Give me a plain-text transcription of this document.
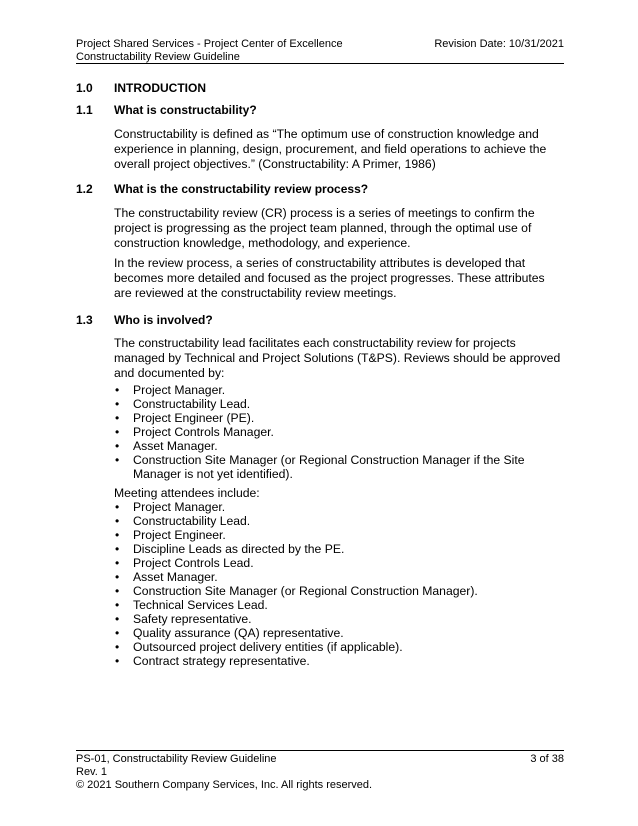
Project Shared Services - Project Center of Excellence	Revision Date: 10/31/2021
Constructability Review Guideline
1.0 INTRODUCTION
1.1 What is constructability?
Constructability is defined as “The optimum use of construction knowledge and experience in planning, design, procurement, and field operations to achieve the overall project objectives.” (Constructability: A Primer, 1986)
1.2 What is the constructability review process?
The constructability review (CR) process is a series of meetings to confirm the project is progressing as the project team planned, through the optimal use of construction knowledge, methodology, and experience.
In the review process, a series of constructability attributes is developed that becomes more detailed and focused as the project progresses. These attributes are reviewed at the constructability review meetings.
1.3 Who is involved?
The constructability lead facilitates each constructability review for projects managed by Technical and Project Solutions (T&PS). Reviews should be approved and documented by:
• Project Manager.
• Constructability Lead.
• Project Engineer (PE).
• Project Controls Manager.
• Asset Manager.
• Construction Site Manager (or Regional Construction Manager if the Site Manager is not yet identified).
Meeting attendees include:
• Project Manager.
• Constructability Lead.
• Project Engineer.
• Discipline Leads as directed by the PE.
• Project Controls Lead.
• Asset Manager.
• Construction Site Manager (or Regional Construction Manager).
• Technical Services Lead.
• Safety representative.
• Quality assurance (QA) representative.
• Outsourced project delivery entities (if applicable).
• Contract strategy representative.
PS-01, Constructability Review Guideline	3 of 38
Rev. 1
© 2021 Southern Company Services, Inc. All rights reserved.
